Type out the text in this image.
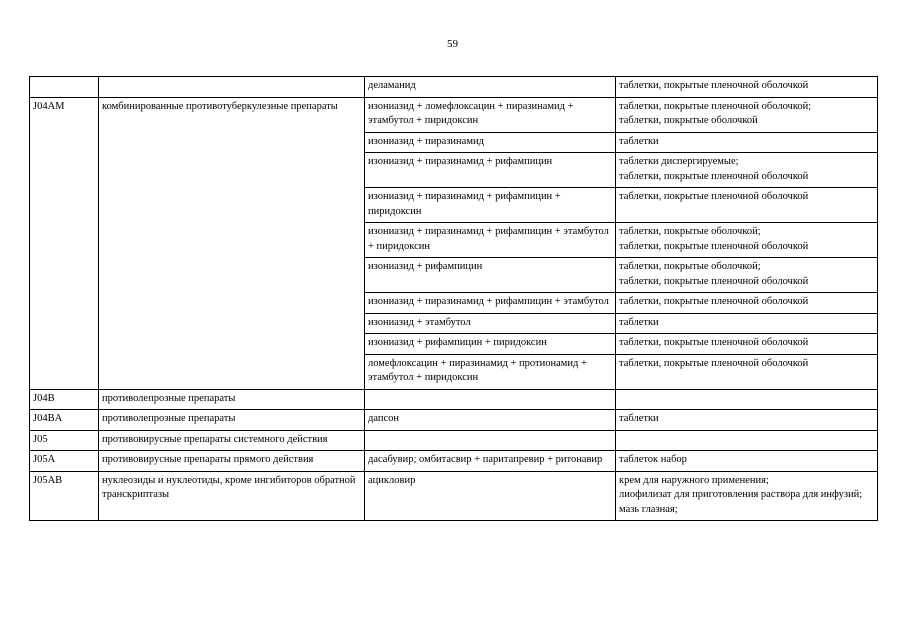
59
		деламанид	таблетки, покрытые пленочной оболочкой
J04AM	комбинированные противотуберкулезные препараты	изониазид + ломефлоксацин + пиразинамид + этамбутол + пиридоксин	таблетки, покрытые пленочной оболочкой;
таблетки, покрытые оболочкой
		изониазид + пиразинамид	таблетки
		изониазид + пиразинамид + рифампицин	таблетки диспергируемые;
таблетки, покрытые пленочной оболочкой
		изониазид + пиразинамид + рифампицин + пиридоксин	таблетки, покрытые пленочной оболочкой
		изониазид + пиразинамид + рифампицин + этамбутол + пиридоксин	таблетки, покрытые оболочкой;
таблетки, покрытые пленочной оболочкой
		изониазид + рифампицин	таблетки, покрытые оболочкой;
таблетки, покрытые пленочной оболочкой
		изониазид + пиразинамид + рифампицин + этамбутол	таблетки, покрытые пленочной оболочкой
		изониазид + этамбутол	таблетки
		изониазид + рифампицин + пиридоксин	таблетки, покрытые пленочной оболочкой
		ломефлоксацин + пиразинамид + протионамид + этамбутол + пиридоксин	таблетки, покрытые пленочной оболочкой
J04B	противолепрозные препараты		
J04BA	противолепрозные препараты	дапсон	таблетки
J05	противовирусные препараты системного действия		
J05A	противовирусные препараты прямого действия	дасабувир; омбитасвир + паритапревир + ритонавир	таблеток набор
J05AB	нуклеозиды и нуклеотиды, кроме ингибиторов обратной транскриптазы	ацикловир	крем для наружного применения;
лиофилизат для приготовления раствора для инфузий;
мазь глазная;
